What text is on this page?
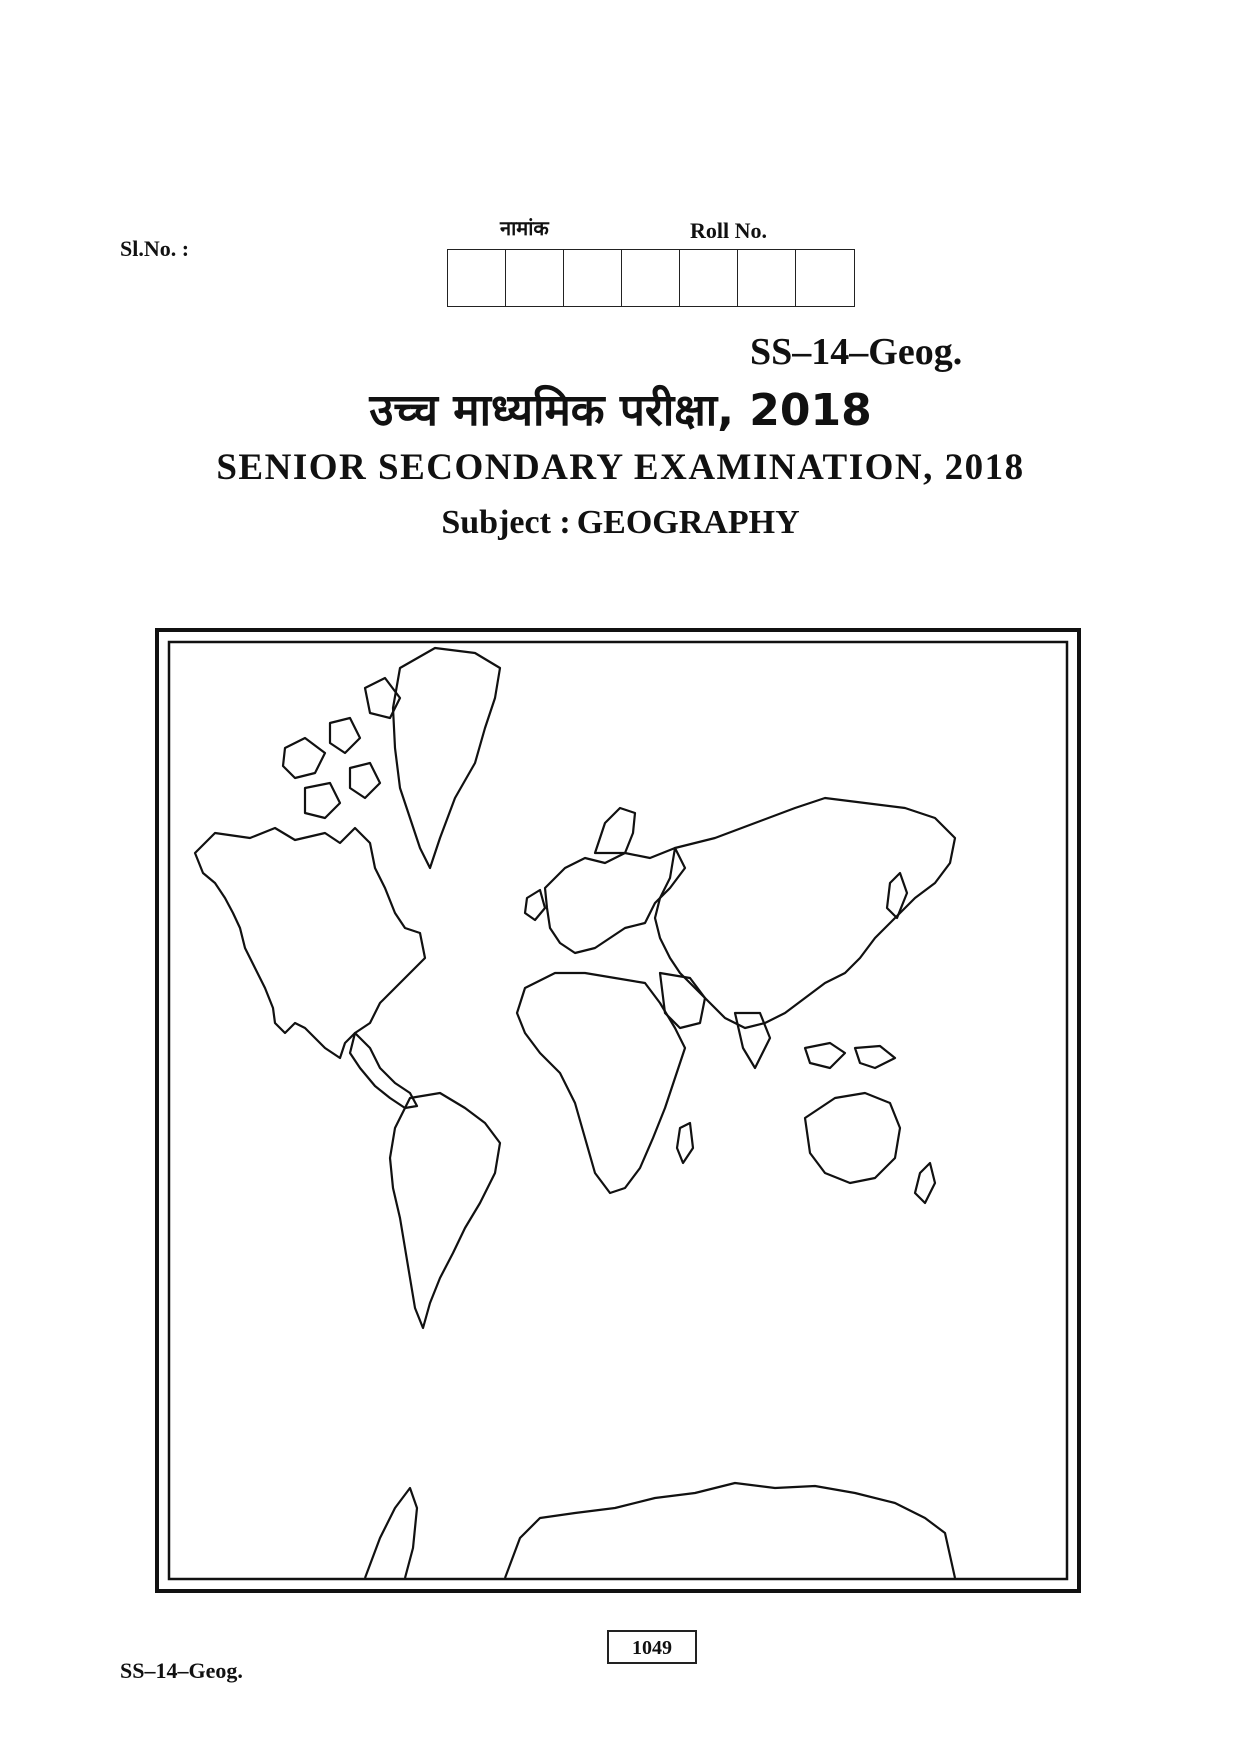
Sl.No. :
नामांक	Roll No.
SS–14–Geog.
उच्च माध्यमिक परीक्षा, 2018
SENIOR SECONDARY EXAMINATION, 2018
Subject : GEOGRAPHY
SS–14–Geog.
1049
